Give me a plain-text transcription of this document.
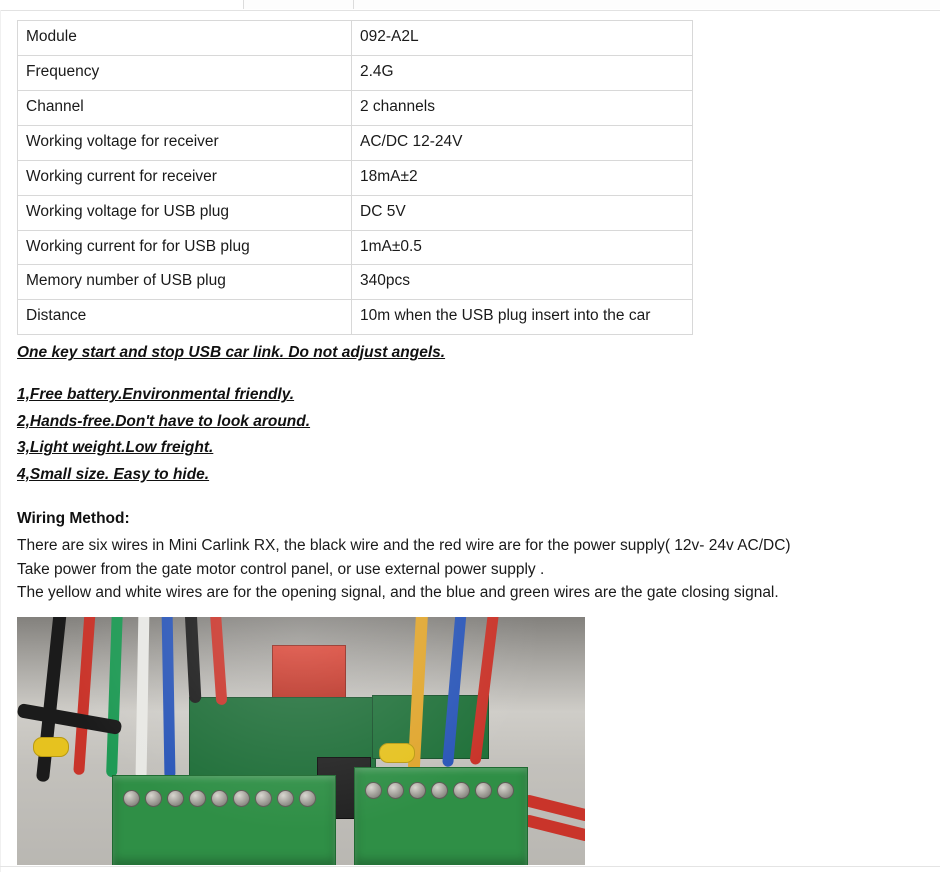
Module	092-A2L
Frequency	2.4G
Channel	2 channels
Working voltage for receiver	AC/DC 12-24V
Working current for receiver	18mA±2
Working voltage for USB plug	DC 5V
Working current for for USB plug	1mA±0.5
Memory number of USB plug	340pcs
Distance	10m when the USB plug insert into the car
One key start and stop USB car link. Do not adjust angels.
1,Free battery.Environmental friendly.
2,Hands-free.Don't have to look around.
3,Light weight.Low freight.
4,Small size. Easy to hide.
Wiring Method:
There are six wires in Mini Carlink RX, the black wire and the red wire are for the power supply( 12v- 24v AC/DC)
Take power from the gate motor control panel, or use external power supply .
The yellow and white wires are for the opening signal, and the blue and green wires are the gate closing signal.
